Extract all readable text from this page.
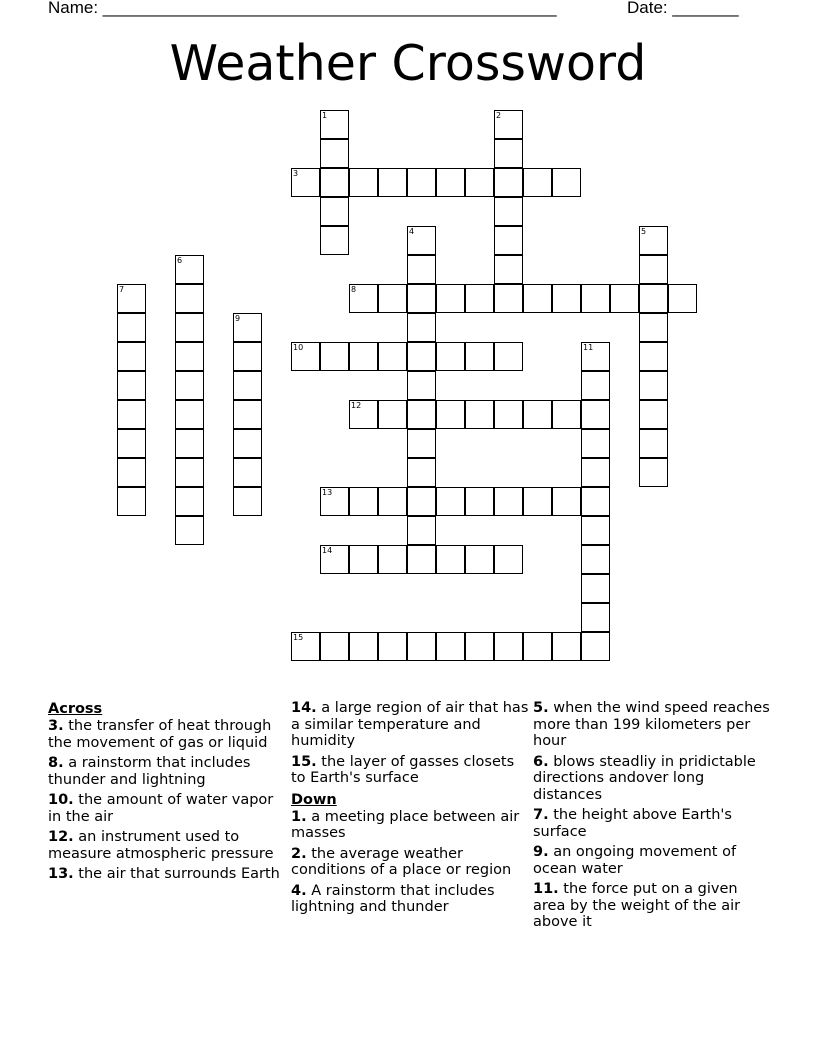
Name: ________________________________________________	Date: _______
Weather Crossword
1	2
3
4	5
6
7	8
9
10	11
12
13
14
15
Across
3. the transfer of heat through the movement of gas or liquid
8. a rainstorm that includes thunder and lightning
10. the amount of water vapor in the air
12. an instrument used to measure atmospheric pressure
13. the air that surrounds Earth
14. a large region of air that has a similar temperature and humidity
15. the layer of gasses closets to Earth's surface
Down
1. a meeting place between air masses
2. the average weather conditions of a place or region
4. A rainstorm that includes lightning and thunder
5. when the wind speed reaches more than 199 kilometers per hour
6. blows steadliy in pridictable directions andover long distances
7. the height above Earth's surface
9. an ongoing movement of ocean water
11. the force put on a given area by the weight of the air above it
